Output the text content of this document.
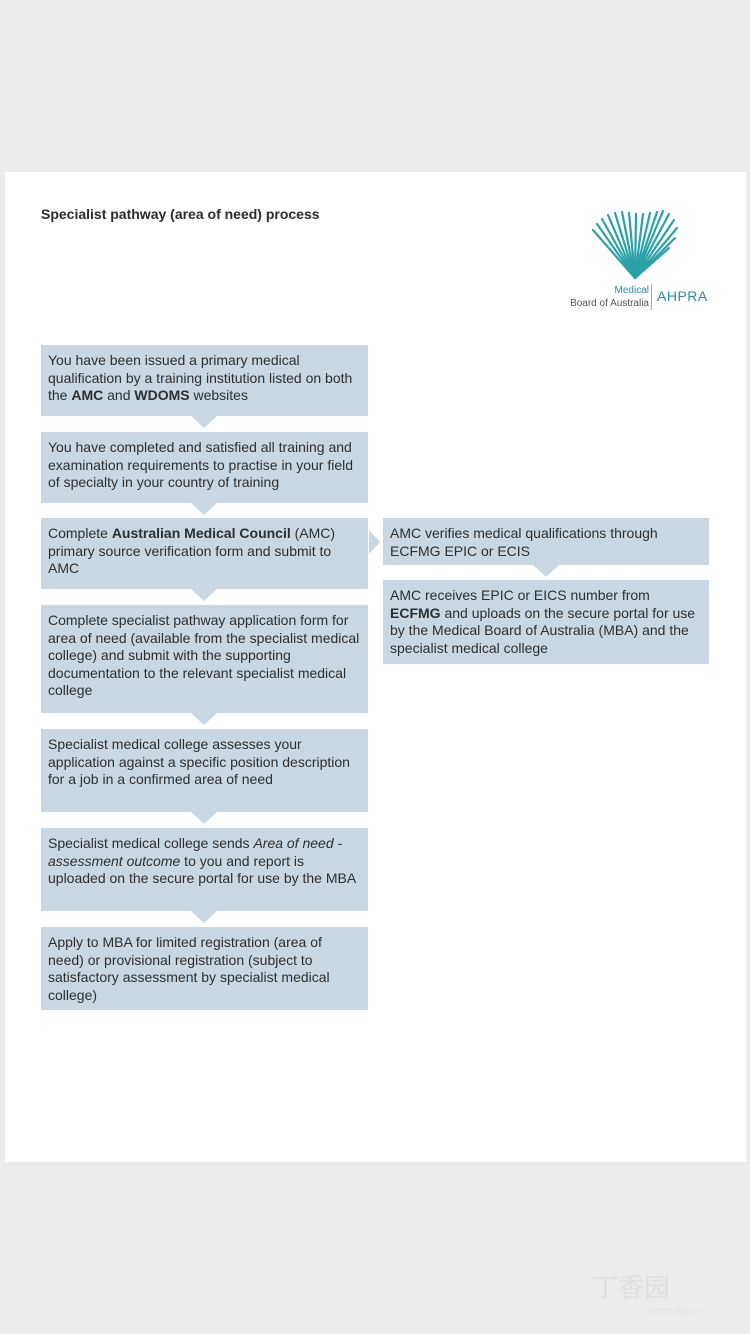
Specialist pathway (area of need) process
Medical
Board of Australia AHPRA
You have been issued a primary medical qualification by a training institution listed on both the AMC and WDOMS websites
You have completed and satisfied all training and examination requirements to practise in your field of specialty in your country of training
Complete Australian Medical Council (AMC) primary source verification form and submit to AMC
Complete specialist pathway application form for area of need (available from the specialist medical college) and submit with the supporting documentation to the relevant specialist medical college
Specialist medical college assesses your application against a specific position description for a job in a confirmed area of need
Specialist medical college sends Area of need - assessment outcome to you and report is uploaded on the secure portal for use by the MBA
Apply to MBA for limited registration (area of need) or provisional registration (subject to satisfactory assessment by specialist medical college)
AMC verifies medical qualifications through ECFMG EPIC or ECIS
AMC receives EPIC or EICS number from ECFMG and uploads on the secure portal for use by the Medical Board of Australia (MBA) and the specialist medical college
丁香园
www.dxy.cn
